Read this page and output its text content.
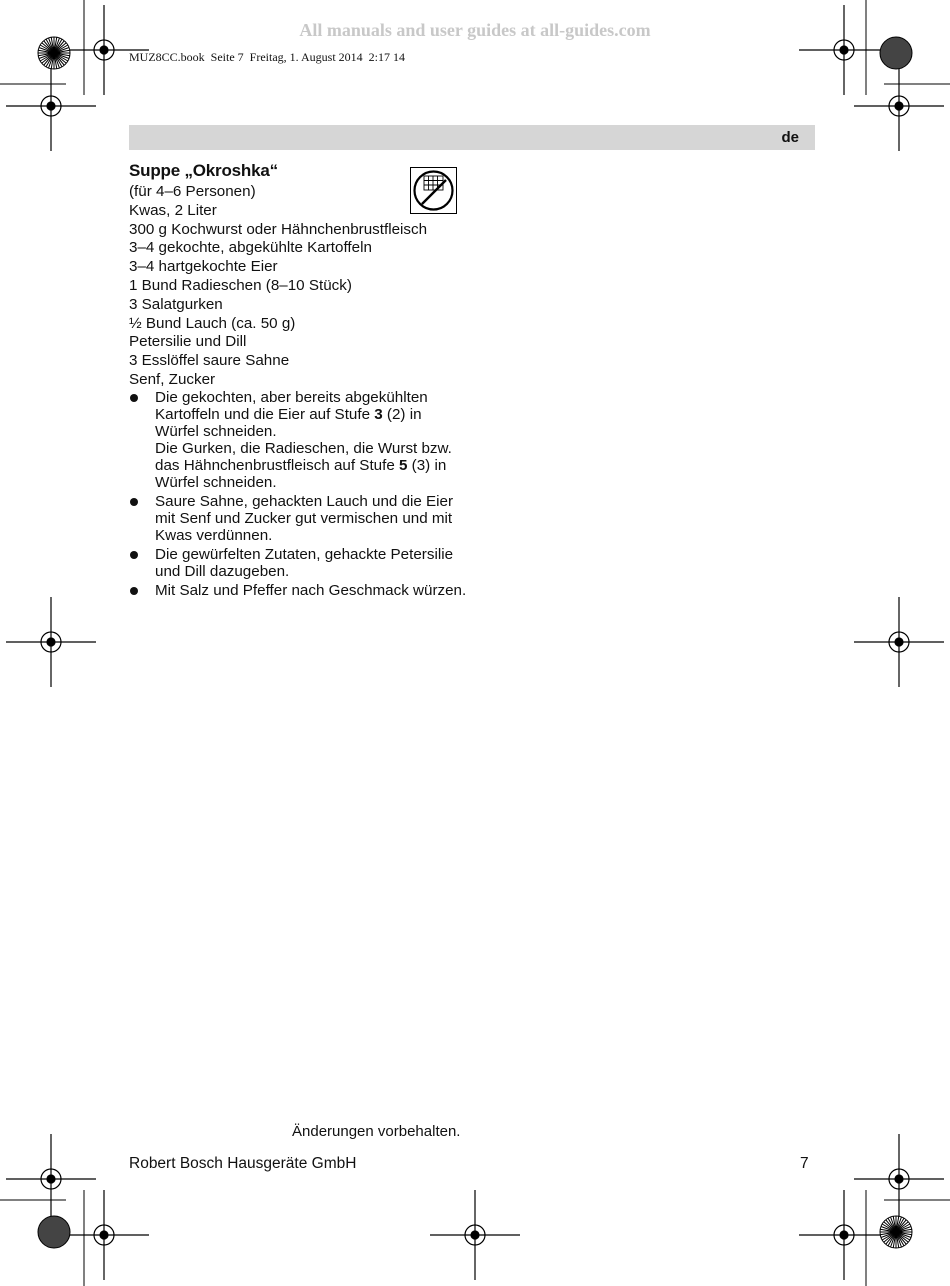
All manuals and user guides at all-guides.com
MUZ8CC.book  Seite 7  Freitag, 1. August 2014  2:17 14
de
Suppe „Okroshka“
(für 4–6 Personen)
Kwas, 2 Liter
300 g Kochwurst oder Hähnchenbrustfleisch
3–4 gekochte, abgekühlte Kartoffeln
3–4 hartgekochte Eier
1 Bund Radieschen (8–10 Stück)
3 Salatgurken
½ Bund Lauch (ca. 50 g)
Petersilie und Dill
3 Esslöffel saure Sahne
Senf, Zucker
Die gekochten, aber bereits abgekühlten Kartoffeln und die Eier auf Stufe 3 (2) in Würfel schneiden.
Die Gurken, die Radieschen, die Wurst bzw. das Hähnchenbrustfleisch auf Stufe 5 (3) in Würfel schneiden.
Saure Sahne, gehackten Lauch und die Eier mit Senf und Zucker gut vermischen und mit Kwas verdünnen.
Die gewürfelten Zutaten, gehackte Petersilie und Dill dazugeben.
Mit Salz und Pfeffer nach Geschmack würzen.
Änderungen vorbehalten.
Robert Bosch Hausgeräte GmbH	7
